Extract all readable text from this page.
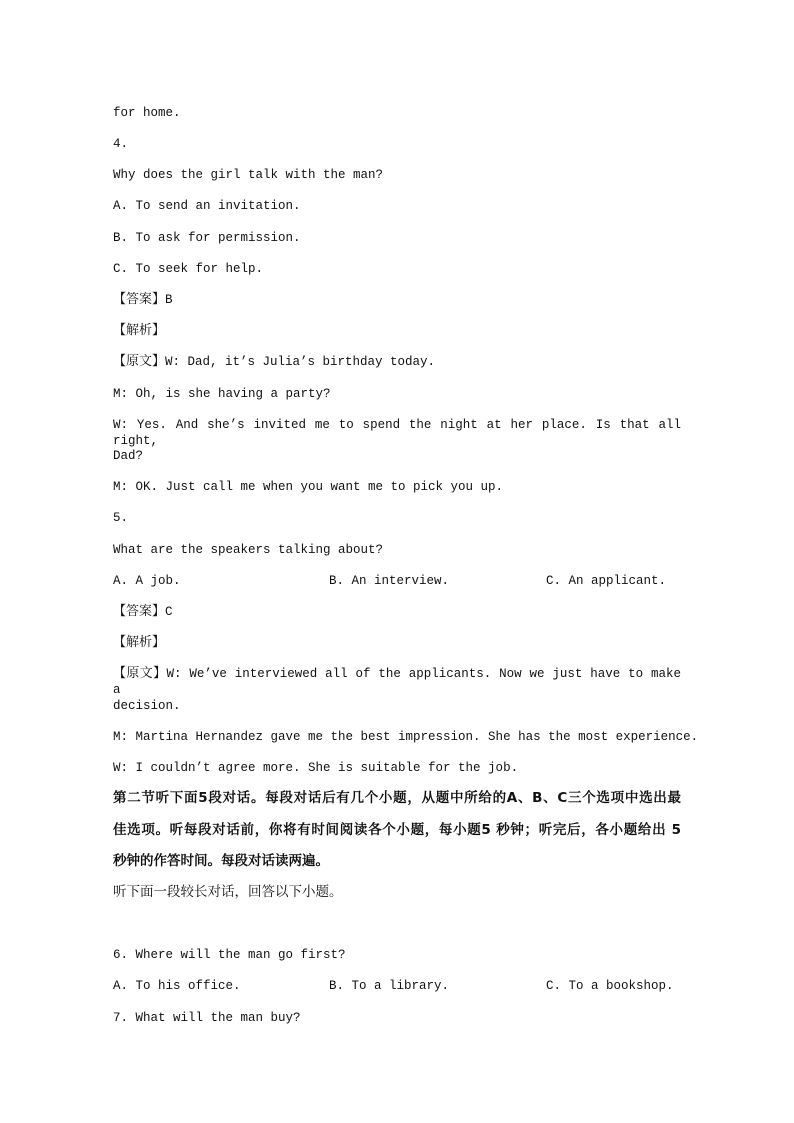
for home.
4.
Why does the girl talk with the man?
A. To send an invitation.
B. To ask for permission.
C. To seek for help.
【答案】B
【解析】
【原文】W: Dad, it’s Julia’s birthday today.
M: Oh, is she having a party?
W: Yes. And she’s invited me to spend the night at her place. Is that all right,
Dad?
M: OK. Just call me when you want me to pick you up.
5.
What are the speakers talking about?
A. A job.	B. An interview.	C. An applicant.
【答案】C
【解析】
【原文】W: We’ve interviewed all of the applicants. Now we just have to make a
decision.
M: Martina Hernandez gave me the best impression. She has the most experience.
W: I couldn’t agree more. She is suitable for the job.
第二节听下面5段对话。每段对话后有几个小题，从题中所给的A、B、C三个选项中选出最
佳选项。听每段对话前，你将有时间阅读各个小题，每小题5 秒钟；听完后，各小题给出 5
秒钟的作答时间。每段对话读两遍。
听下面一段较长对话，回答以下小题。
6. Where will the man go first?
A. To his office.	B. To a library.	C. To a bookshop.
7. What will the man buy?
